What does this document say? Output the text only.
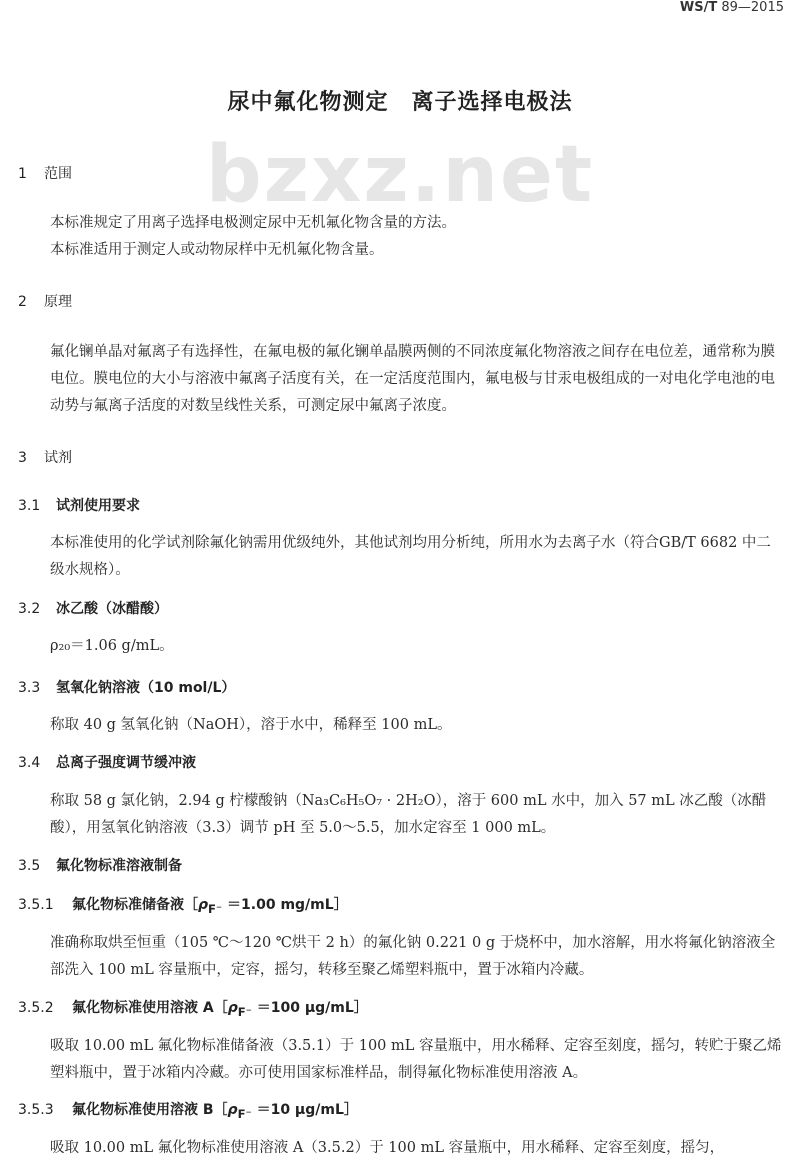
WS/T 89—2015
尿中氟化物测定　离子选择电极法
bzxz.net
1 范围
本标准规定了用离子选择电极测定尿中无机氟化物含量的方法。
本标准适用于测定人或动物尿样中无机氟化物含量。
2 原理
氟化镧单晶对氟离子有选择性，在氟电极的氟化镧单晶膜两侧的不同浓度氟化物溶液之间存在电位差，通常称为膜电位。膜电位的大小与溶液中氟离子活度有关，在一定活度范围内，氟电极与甘汞电极组成的一对电化学电池的电动势与氟离子活度的对数呈线性关系，可测定尿中氟离子浓度。
3 试剂
3.1 试剂使用要求
本标准使用的化学试剂除氟化钠需用优级纯外，其他试剂均用分析纯，所用水为去离子水（符合GB/T 6682 中二级水规格）。
3.2 冰乙酸（冰醋酸）
ρ₂₀＝1.06 g/mL。
3.3 氢氧化钠溶液（10 mol/L）
称取 40 g 氢氧化钠（NaOH），溶于水中，稀释至 100 mL。
3.4 总离子强度调节缓冲液
称取 58 g 氯化钠，2.94 g 柠檬酸钠（Na₃C₆H₅O₇ · 2H₂O），溶于 600 mL 水中，加入 57 mL 冰乙酸（冰醋酸），用氢氧化钠溶液（3.3）调节 pH 至 5.0～5.5，加水定容至 1 000 mL。
3.5 氟化物标准溶液制备
3.5.1 氟化物标准储备液$[\rho_{F^-} =1.00$ mg/mL］
准确称取烘至恒重（105 ℃～120 ℃烘干 2 h）的氟化钠 0.221 0 g 于烧杯中，加水溶解，用水将氟化钠溶液全部洗入 100 mL 容量瓶中，定容，摇匀，转移至聚乙烯塑料瓶中，置于冰箱内冷藏。
3.5.2 氟化物标准使用溶液 $A[\rho_{F^-} =100$ μg/mL］
吸取 10.00 mL 氟化物标准储备液（3.5.1）于 100 mL 容量瓶中，用水稀释、定容至刻度，摇匀，转贮于聚乙烯塑料瓶中，置于冰箱内冷藏。亦可使用国家标准样品，制得氟化物标准使用溶液 A。
3.5.3 氟化物标准使用溶液 $B[\rho_{F^-} =10$ μg/mL］
吸取 10.00 mL 氟化物标准使用溶液 A（3.5.2）于 100 mL 容量瓶中，用水稀释、定容至刻度，摇匀，
